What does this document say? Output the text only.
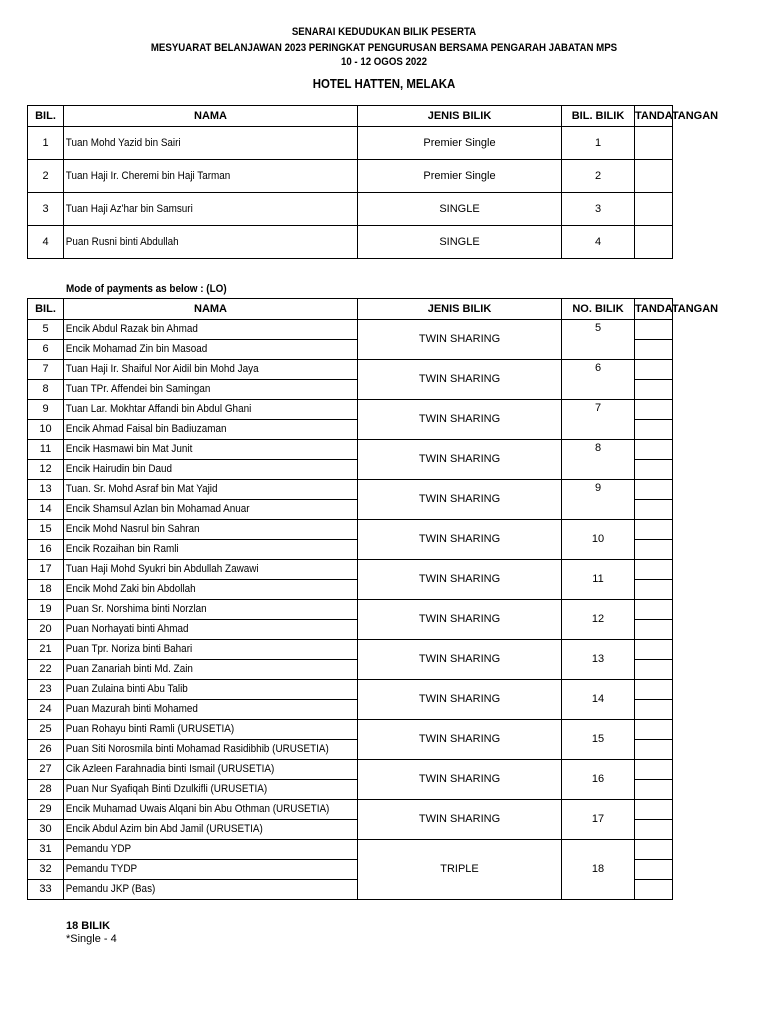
SENARAI KEDUDUKAN BILIK PESERTA
MESYUARAT BELANJAWAN 2023 PERINGKAT PENGURUSAN BERSAMA PENGARAH JABATAN MPS
10 - 12 OGOS 2022
HOTEL HATTEN, MELAKA
BIL.	NAMA	JENIS BILIK	BIL. BILIK	TANDATANGAN
1	Tuan Mohd Yazid bin Sairi	Premier Single	1	
2	Tuan Haji Ir. Cheremi bin Haji Tarman	Premier Single	2	
3	Tuan Haji Az'har bin Samsuri	SINGLE	3	
4	Puan Rusni binti Abdullah	SINGLE	4	
Mode of payments as below : (LO)
BIL.	NAMA	JENIS BILIK	NO. BILIK	TANDATANGAN
5	Encik Abdul Razak bin Ahmad	TWIN SHARING	5	
6	Encik Mohamad Zin bin Masoad			
7	Tuan Haji Ir. Shaiful Nor Aidil bin Mohd Jaya	TWIN SHARING	6	
8	Tuan TPr. Affendei bin Samingan			
9	Tuan Lar. Mokhtar Affandi bin Abdul Ghani	TWIN SHARING	7	
10	Encik Ahmad Faisal bin Badiuzaman			
11	Encik Hasmawi bin Mat Junit	TWIN SHARING	8	
12	Encik Hairudin bin Daud			
13	Tuan. Sr. Mohd Asraf bin Mat Yajid	TWIN SHARING	9	
14	Encik Shamsul Azlan bin Mohamad Anuar			
15	Encik Mohd Nasrul bin Sahran	TWIN SHARING	10	
16	Encik Rozaihan bin Ramli			
17	Tuan Haji Mohd Syukri bin Abdullah Zawawi	TWIN SHARING	11	
18	Encik Mohd Zaki bin Abdollah			
19	Puan Sr. Norshima binti Norzlan	TWIN SHARING	12	
20	Puan Norhayati binti Ahmad			
21	Puan Tpr. Noriza binti Bahari	TWIN SHARING	13	
22	Puan Zanariah binti Md. Zain			
23	Puan Zulaina binti Abu Talib	TWIN SHARING	14	
24	Puan Mazurah binti Mohamed			
25	Puan Rohayu binti Ramli (URUSETIA)	TWIN SHARING	15	
26	Puan Siti Norosmila binti Mohamad Rasidibhib (URUSETIA)			
27	Cik Azleen Farahnadia binti Ismail (URUSETIA)	TWIN SHARING	16	
28	Puan Nur Syafiqah Binti Dzulkifli (URUSETIA)			
29	Encik Muhamad Uwais Alqani bin Abu Othman (URUSETIA)	TWIN SHARING	17	
30	Encik Abdul Azim bin Abd Jamil (URUSETIA)			
31	Pemandu YDP	TRIPLE	18	
32	Pemandu TYDP			
33	Pemandu JKP (Bas)			
18 BILIK
*Single - 4
